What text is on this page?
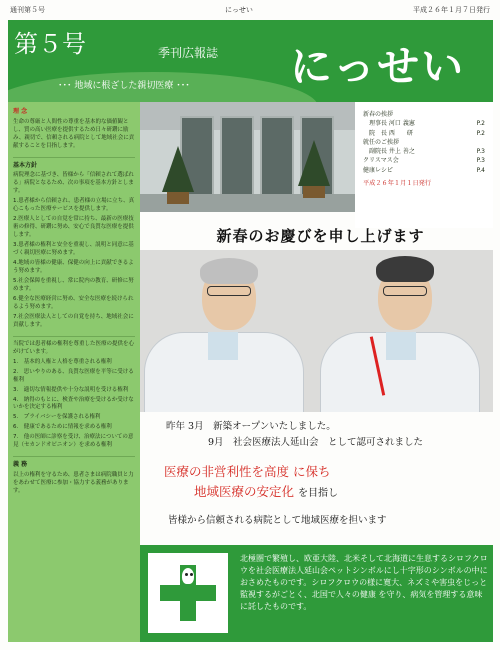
通刊第５号	にっせい	平成２６年１月７日発行
第５号	季刊広報誌 にっせい
･･･ 地域に根ざした親切医療 ･･･
理 念

生命の尊厳と人間性の尊重を基本的な価値観とし、質の高い医療を提供するため日々研鑽に励み、親切で、信頼される病院として地域社会に貢献することを目指します。

基本方針

病院理念に基づき、皆様から「信頼されて選ばれる」病院となるため、次の事項を基本方針とします。

1.患者様から信頼され、患者様の立場に立ち、真心こもった医療サービスを提供します。

2.医療人としての自覚を常に持ち、最新の医療技術の修得、研鑽に努め、安心で良質な医療を提供します。

3.患者様の権利と安全を重視し、説明と同意に基づく親切医療に努めます。

4.地域の皆様の健康、保健の向上に貢献できるよう努めます。

5.社会保障を重視し、常に院内の教育、研修に努めます。

6.健全な医療経営に努め、安全な医療を続けられるよう努めます。

7.社会医療法人としての自覚を持ち、地域社会に貢献します。

当院では患者様の権利を尊重した医療の提供を心がけています。

1.　基本的人権と人格を尊重される権利

2.　思いやりのある、良質な医療を平等に受ける権利

3.　適切な情報提供や十分な説明を受ける権利

4.　納得のもとに、検査や治療を受けるか受けないかを決定する権利

5.　プライバシーを保護される権利

6.　健康であるために情報を求める権利

7.　他の医師に診察を受け、治療法についての意見（セカンドオピニオン）を求める権利

義 務

以上の権利を守るため、患者さまは病院職員と力をあわせて医療に参加・協力する義務があります。

新春の挨拶
　理事長 河口 義憲	P.2
　院　長 西　　研	P.2
就任のご挨拶
　副院長 井上 善之	P.3
クリスマス会	P.3
健康レシピ	P.4
平成２６年１月１日発行
新春のお慶びを申し上げます
昨年 3月　新築オープンいたしました。
9月　社会医療法人延山会　として認可されました
医療の非営利性を高度 に保ち
地域医療の安定化 を目指し
皆様から信頼される病院として地域医療を担います
北極圏で繁殖し、欧亜大陸、北米そして北海道に生息するシロフクロウを社会医療法人延山会ペットシンボルにし十字形のシンボルの中におさめたものです。シロフクロウの様に寛大、ネズミや害虫をじっと監視するがごとく、北国で人々の健康 を守り、病気を管理する意味に託したものです。
